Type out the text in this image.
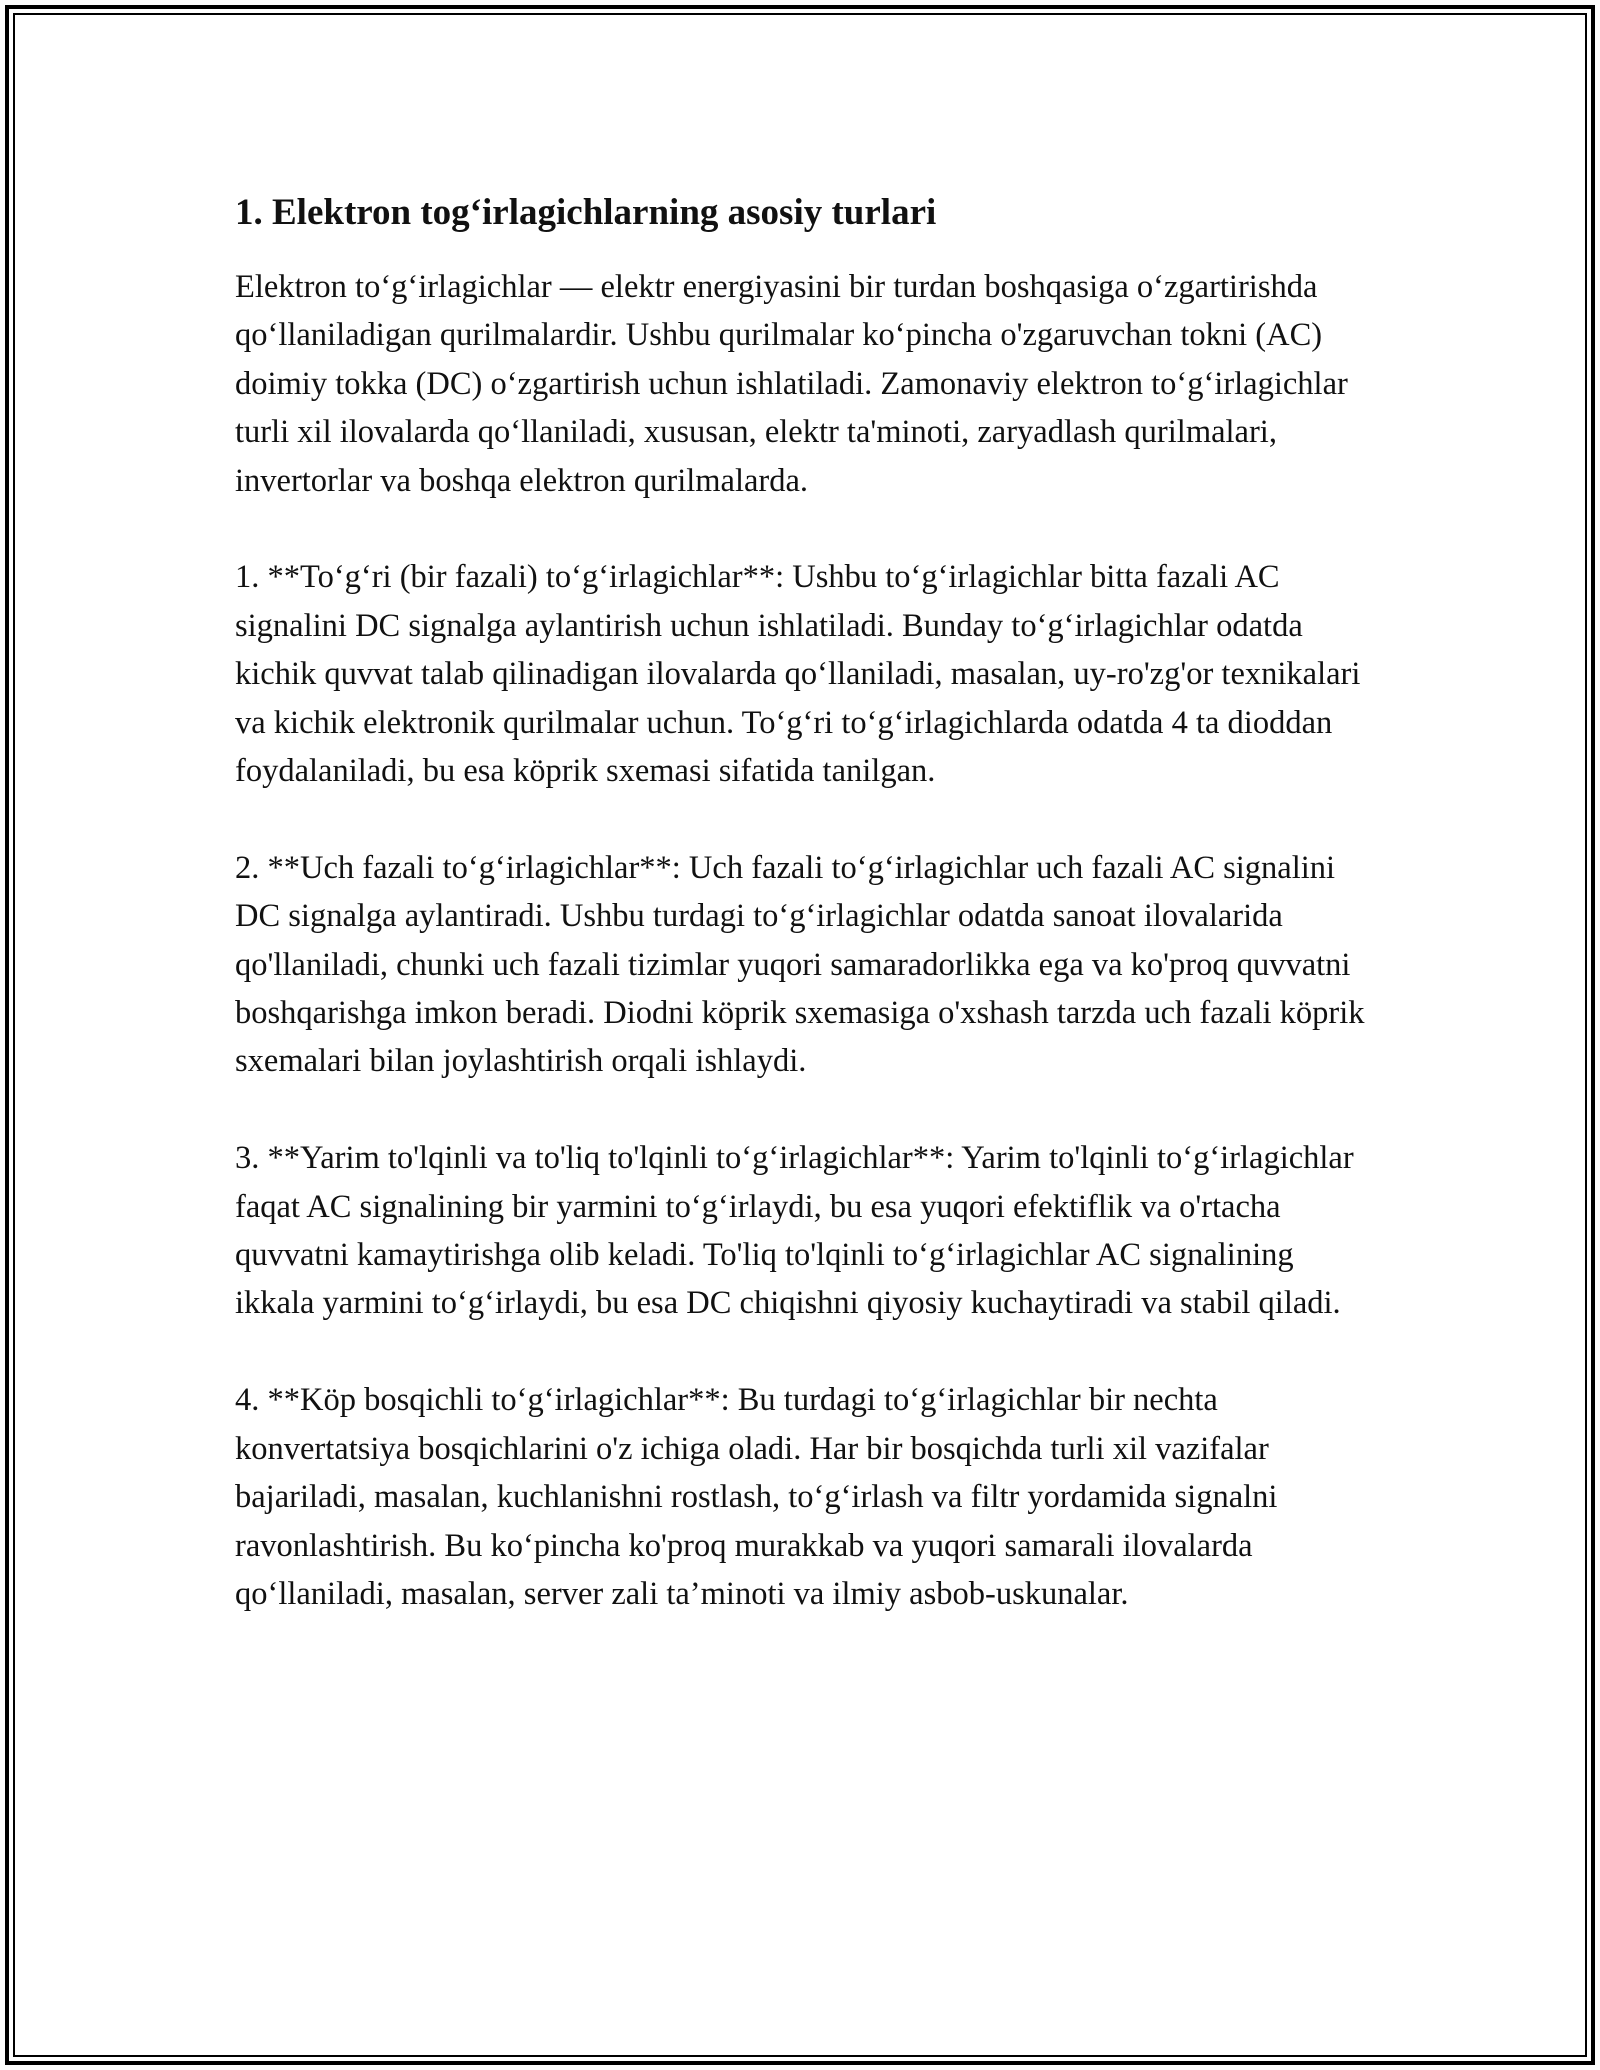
1. Elektron tog‘irlagichlarning asosiy turlari

Elektron to‘g‘irlagichlar — elektr energiyasini bir turdan boshqasiga o‘zgartirishda qo‘llaniladigan qurilmalardir. Ushbu qurilmalar ko‘pincha o'zgaruvchan tokni (AC) doimiy tokka (DC) o‘zgartirish uchun ishlatiladi. Zamonaviy elektron to‘g‘irlagichlar turli xil ilovalarda qo‘llaniladi, xususan, elektr ta'minoti, zaryadlash qurilmalari, invertorlar va boshqa elektron qurilmalarda.

1. **To‘g‘ri (bir fazali) to‘g‘irlagichlar**: Ushbu to‘g‘irlagichlar bitta fazali AC signalini DC signalga aylantirish uchun ishlatiladi. Bunday to‘g‘irlagichlar odatda kichik quvvat talab qilinadigan ilovalarda qo‘llaniladi, masalan, uy-ro'zg'or texnikalari va kichik elektronik qurilmalar uchun. To‘g‘ri to‘g‘irlagichlarda odatda 4 ta dioddan foydalaniladi, bu esa köprik sxemasi sifatida tanilgan.

2. **Uch fazali to‘g‘irlagichlar**: Uch fazali to‘g‘irlagichlar uch fazali AC signalini DC signalga aylantiradi. Ushbu turdagi to‘g‘irlagichlar odatda sanoat ilovalarida qo'llaniladi, chunki uch fazali tizimlar yuqori samaradorlikka ega va ko'proq quvvatni boshqarishga imkon beradi. Diodni köprik sxemasiga o'xshash tarzda uch fazali köprik sxemalari bilan joylashtirish orqali ishlaydi.

3. **Yarim to'lqinli va to'liq to'lqinli to‘g‘irlagichlar**: Yarim to'lqinli to‘g‘irlagichlar faqat AC signalining bir yarmini to‘g‘irlaydi, bu esa yuqori efektiflik va o'rtacha quvvatni kamaytirishga olib keladi. To'liq to'lqinli to‘g‘irlagichlar AC signalining ikkala yarmini to‘g‘irlaydi, bu esa DC chiqishni qiyosiy kuchaytiradi va stabil qiladi.

4. **Köp bosqichli to‘g‘irlagichlar**: Bu turdagi to‘g‘irlagichlar bir nechta konvertatsiya bosqichlarini o'z ichiga oladi. Har bir bosqichda turli xil vazifalar bajariladi, masalan, kuchlanishni rostlash, to‘g‘irlash va filtr yordamida signalni ravonlashtirish. Bu ko‘pincha ko'proq murakkab va yuqori samarali ilovalarda qo‘llaniladi, masalan, server zali ta’minoti va ilmiy asbob-uskunalar.
